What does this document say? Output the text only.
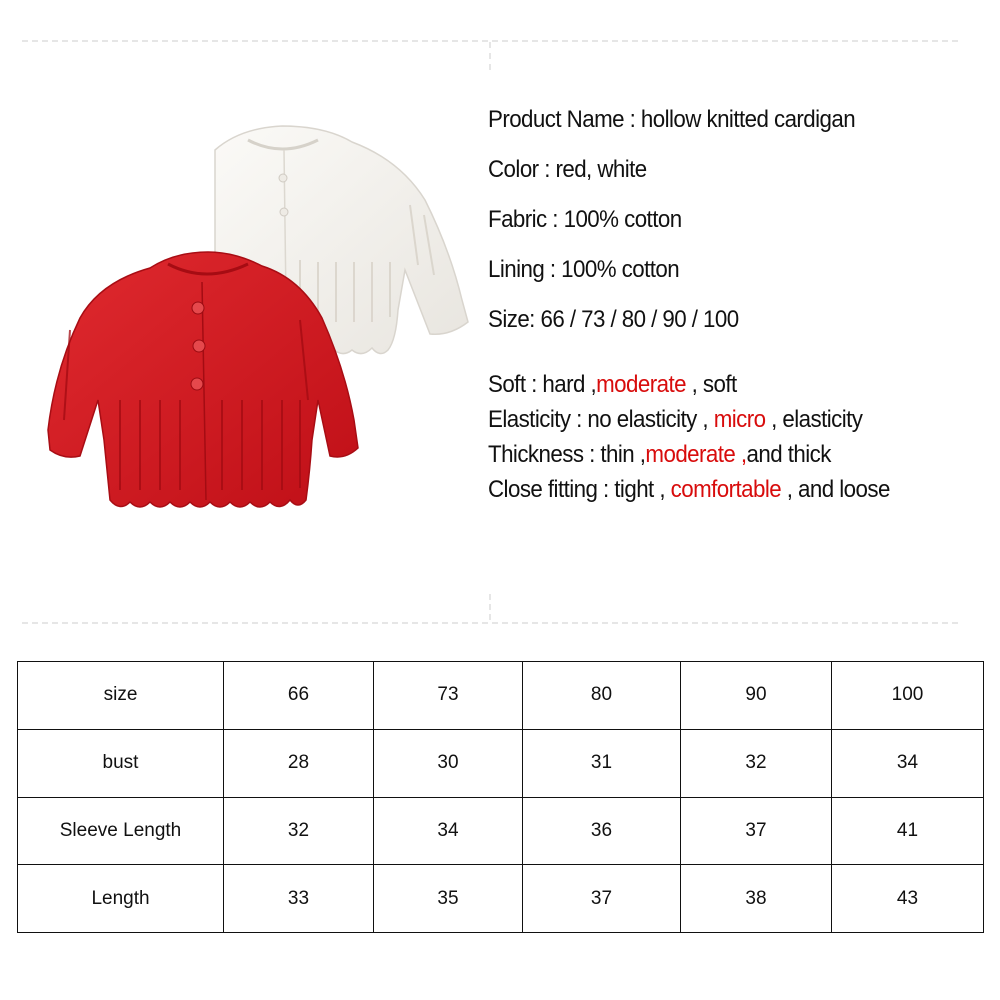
Product Name : hollow knitted cardigan
Color : red, white
Fabric : 100% cotton
Lining : 100% cotton
Size: 66 / 73 / 80 / 90 / 100
Soft : hard ,moderate , soft
Elasticity : no elasticity , micro , elasticity
Thickness : thin ,moderate ,and thick
Close fitting : tight , comfortable , and loose
size	66	73	80	90	100
bust	28	30	31	32	34
Sleeve Length	32	34	36	37	41
Length	33	35	37	38	43
